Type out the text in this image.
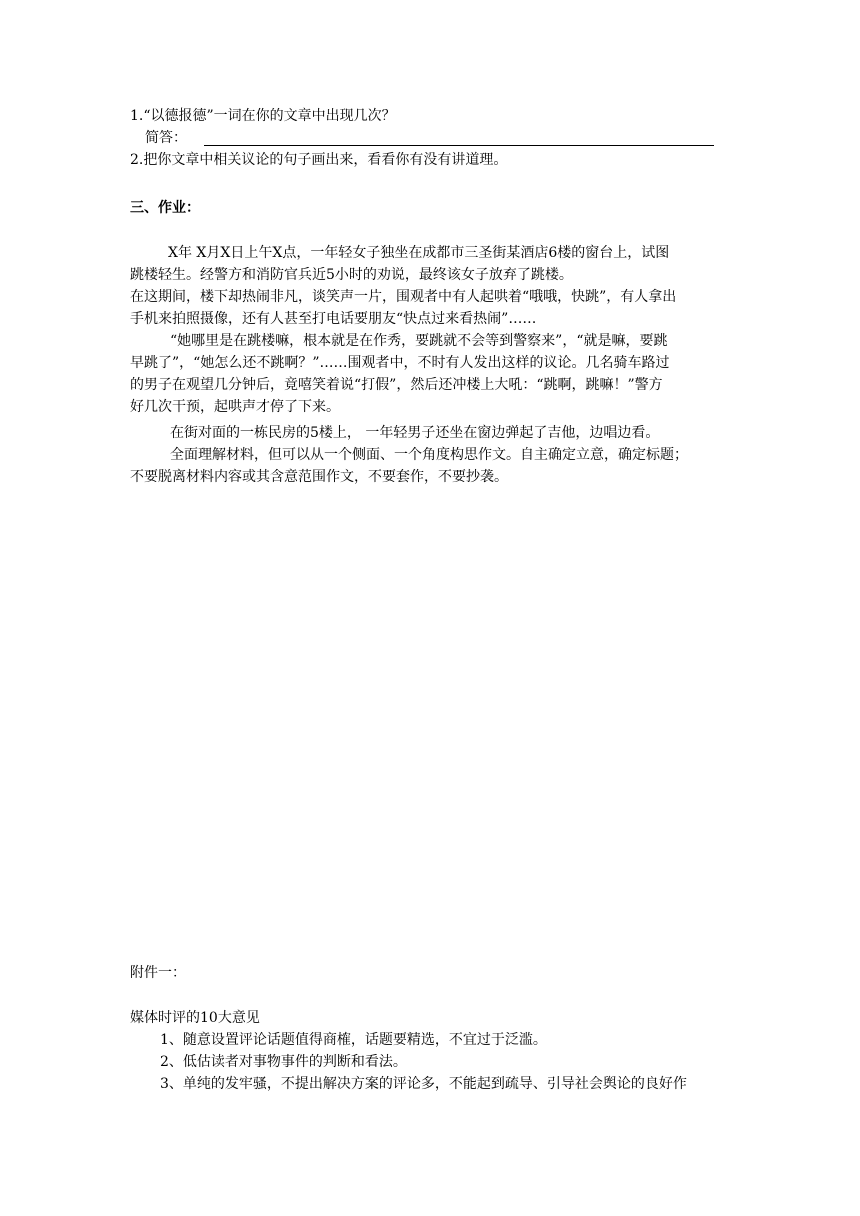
1.“以德报德”一词在你的文章中出现几次？
简答：
2.把你文章中相关议论的句子画出来，看看你有没有讲道理。
三、作业：
X年 X月X日上午X点，一年轻女子独坐在成都市三圣街某酒店6楼的窗台上，试图
跳楼轻生。经警方和消防官兵近5小时的劝说，最终该女子放弃了跳楼。
在这期间，楼下却热闹非凡，谈笑声一片，围观者中有人起哄着“哦哦，快跳”，有人拿出
手机来拍照摄像，还有人甚至打电话要朋友“快点过来看热闹”……
“她哪里是在跳楼嘛，根本就是在作秀，要跳就不会等到警察来”，“就是嘛，要跳
早跳了”，“她怎么还不跳啊？”……围观者中，不时有人发出这样的议论。几名骑车路过
的男子在观望几分钟后，竟嘻笑着说“打假”，然后还冲楼上大吼：“跳啊，跳嘛！”警方
好几次干预，起哄声才停了下来。
在街对面的一栋民房的5楼上， 一年轻男子还坐在窗边弹起了吉他，边唱边看。
全面理解材料，但可以从一个侧面、一个角度构思作文。自主确定立意，确定标题；
不要脱离材料内容或其含意范围作文，不要套作，不要抄袭。
附件一：
媒体时评的10大意见
1、随意设置评论话题值得商榷，话题要精选，不宜过于泛滥。
2、低估读者对事物事件的判断和看法。
3、单纯的发牢骚，不提出解决方案的评论多，不能起到疏导、引导社会舆论的良好作
